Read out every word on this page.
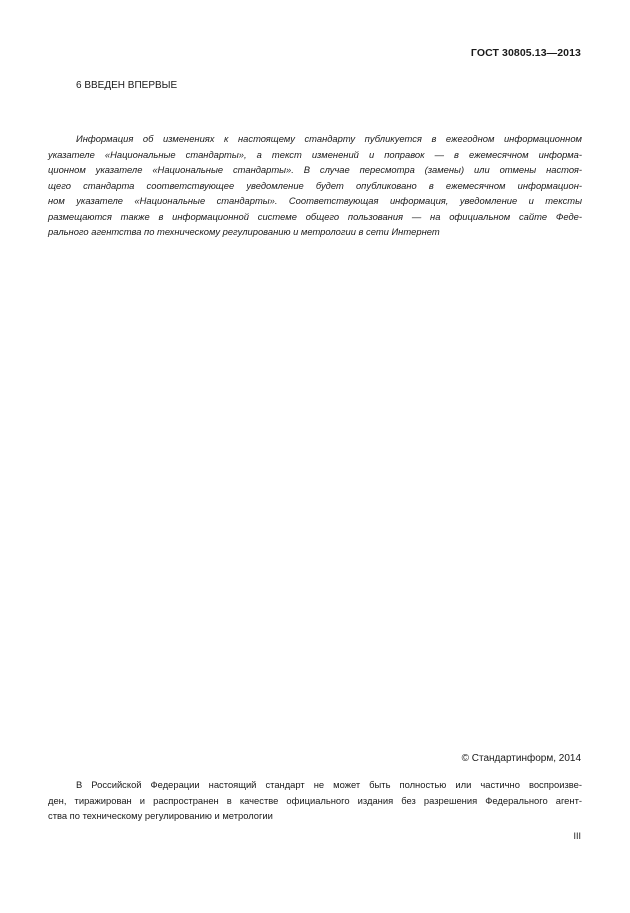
ГОСТ 30805.13—2013
6 ВВЕДЕН ВПЕРВЫЕ
Информация об изменениях к настоящему стандарту публикуется в ежегодном информационном
указателе «Национальные стандарты», а текст изменений и поправок — в ежемесячном информа-
ционном указателе «Национальные стандарты». В случае пересмотра (замены) или отмены настоя-
щего стандарта соответствующее уведомление будет опубликовано в ежемесячном информацион-
ном указателе «Национальные стандарты». Соответствующая информация, уведомление и тексты
размещаются также в информационной системе общего пользования — на официальном сайте Феде-
рального агентства по техническому регулированию и метрологии в сети Интернет
© Стандартинформ, 2014
В Российской Федерации настоящий стандарт не может быть полностью или частично воспроизве-
ден, тиражирован и распространен в качестве официального издания без разрешения Федерального агент-
ства по техническому регулированию и метрологии
III
